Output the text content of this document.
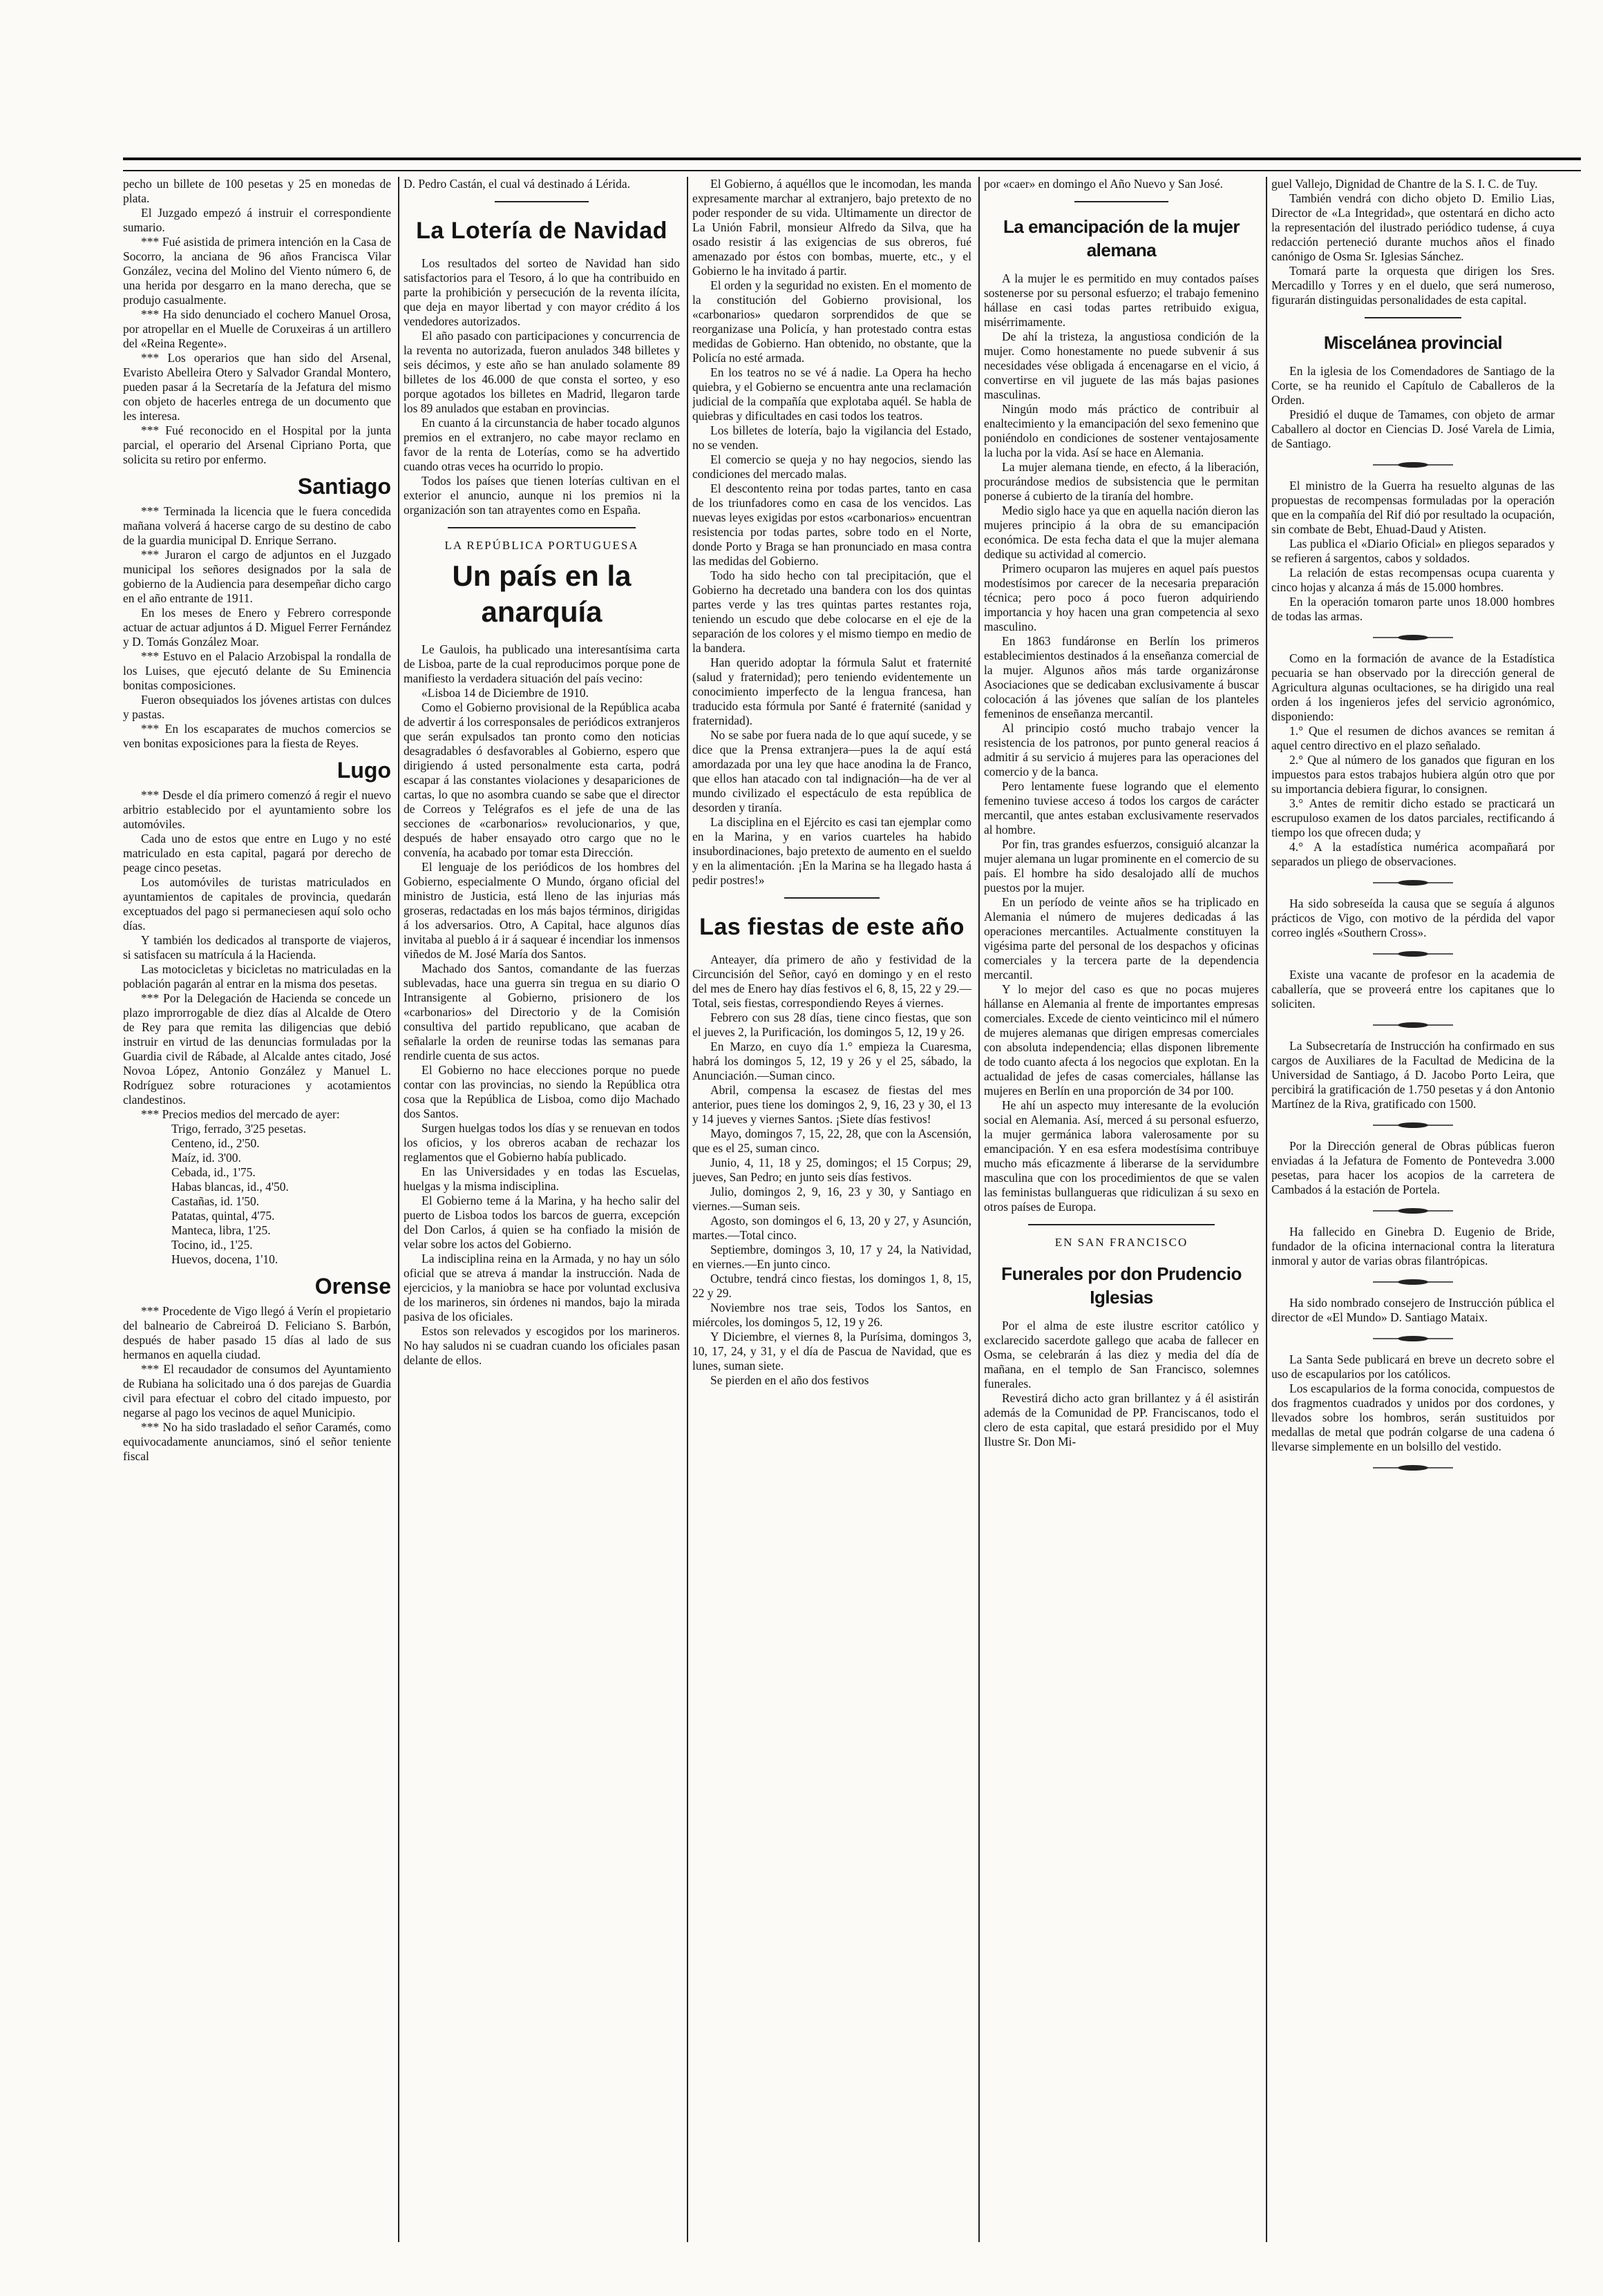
pecho un billete de 100 pesetas y 25 en monedas de plata.

El Juzgado empezó á instruir el correspondiente sumario.

*** Fué asistida de primera intención en la Casa de Socorro, la anciana de 96 años Francisca Vilar González, vecina del Molino del Viento número 6, de una herida por desgarro en la mano derecha, que se produjo casualmente.

*** Ha sido denunciado el cochero Manuel Orosa, por atropellar en el Muelle de Coruxeiras á un artillero del «Reina Regente».

*** Los operarios que han sido del Arsenal, Evaristo Abelleira Otero y Salvador Grandal Montero, pueden pasar á la Secretaría de la Jefatura del mismo con objeto de hacerles entrega de un documento que les interesa.

*** Fué reconocido en el Hospital por la junta parcial, el operario del Arsenal Cipriano Porta, que solicita su retiro por enfermo.

Santiago

*** Terminada la licencia que le fuera concedida mañana volverá á hacerse cargo de su destino de cabo de la guardia municipal D. Enrique Serrano.

*** Juraron el cargo de adjuntos en el Juzgado municipal los señores designados por la sala de gobierno de la Audiencia para desempeñar dicho cargo en el año entrante de 1911.

En los meses de Enero y Febrero corresponde actuar de actuar adjuntos á D. Miguel Ferrer Fernández y D. Tomás González Moar.

*** Estuvo en el Palacio Arzobispal la rondalla de los Luises, que ejecutó delante de Su Eminencia bonitas composiciones.

Fueron obsequiados los jóvenes artistas con dulces y pastas.

*** En los escaparates de muchos comercios se ven bonitas exposiciones para la fiesta de Reyes.

Lugo

*** Desde el día primero comenzó á regir el nuevo arbitrio establecido por el ayuntamiento sobre los automóviles.

Cada uno de estos que entre en Lugo y no esté matriculado en esta capital, pagará por derecho de peage cinco pesetas.

Los automóviles de turistas matriculados en ayuntamientos de capitales de provincia, quedarán exceptuados del pago si permaneciesen aquí solo ocho días.

Y también los dedicados al transporte de viajeros, si satisfacen su matrícula á la Hacienda.

Las motocicletas y bicicletas no matriculadas en la población pagarán al entrar en la misma dos pesetas.

*** Por la Delegación de Hacienda se concede un plazo improrrogable de diez días al Alcalde de Otero de Rey para que remita las diligencias que debió instruir en virtud de las denuncias formuladas por la Guardia civil de Rábade, al Alcalde antes citado, José Novoa López, Antonio González y Manuel L. Rodríguez sobre roturaciones y acotamientos clandestinos.

*** Precios medios del mercado de ayer:

Trigo, ferrado, 3'25 pesetas.

Centeno, id., 2'50.

Maíz, id. 3'00.

Cebada, id., 1'75.

Habas blancas, id., 4'50.

Castañas, id. 1'50.

Patatas, quintal, 4'75.

Manteca, libra, 1'25.

Tocino, id., 1'25.

Huevos, docena, 1'10.

Orense

*** Procedente de Vigo llegó á Verín el propietario del balneario de Cabreiroá D. Feliciano S. Barbón, después de haber pasado 15 días al lado de sus hermanos en aquella ciudad.

*** El recaudador de consumos del Ayuntamiento de Rubiana ha solicitado una ó dos parejas de Guardia civil para efectuar el cobro del citado impuesto, por negarse al pago los vecinos de aquel Municipio.

*** No ha sido trasladado el señor Caramés, como equivocadamente anunciamos, sinó el señor teniente fiscal

D. Pedro Castán, el cual vá destinado á Lérida.

La Lotería de Navidad

Los resultados del sorteo de Navidad han sido satisfactorios para el Tesoro, á lo que ha contribuido en parte la prohibición y persecución de la reventa ilícita, que deja en mayor libertad y con mayor crédito á los vendedores autorizados.

El año pasado con participaciones y concurrencia de la reventa no autorizada, fueron anulados 348 billetes y seis décimos, y este año se han anulado solamente 89 billetes de los 46.000 de que consta el sorteo, y eso porque agotados los billetes en Madrid, llegaron tarde los 89 anulados que estaban en provincias.

En cuanto á la circunstancia de haber tocado algunos premios en el extranjero, no cabe mayor reclamo en favor de la renta de Loterías, como se ha advertido cuando otras veces ha ocurrido lo propio.

Todos los países que tienen loterías cultivan en el exterior el anuncio, aunque ni los premios ni la organización son tan atrayentes como en España.

LA REPÚBLICA PORTUGUESA
Un país en la anarquía

Le Gaulois, ha publicado una interesantísima carta de Lisboa, parte de la cual reproducimos porque pone de manifiesto la verdadera situación del país vecino:

«Lisboa 14 de Diciembre de 1910.

Como el Gobierno provisional de la República acaba de advertir á los corresponsales de periódicos extranjeros que serán expulsados tan pronto como den noticias desagradables ó desfavorables al Gobierno, espero que dirigiendo á usted personalmente esta carta, podrá escapar á las constantes violaciones y desapariciones de cartas, lo que no asombra cuando se sabe que el director de Correos y Telégrafos es el jefe de una de las secciones de «carbonarios» revolucionarios, y que, después de haber ensayado otro cargo que no le convenía, ha acabado por tomar esta Dirección.

El lenguaje de los periódicos de los hombres del Gobierno, especialmente O Mundo, órgano oficial del ministro de Justicia, está lleno de las injurias más groseras, redactadas en los más bajos términos, dirigidas á los adversarios. Otro, A Capital, hace algunos días invitaba al pueblo á ir á saquear é incendiar los inmensos viñedos de M. José María dos Santos.

Machado dos Santos, comandante de las fuerzas sublevadas, hace una guerra sin tregua en su diario O Intransigente al Gobierno, prisionero de los «carbonarios» del Directorio y de la Comisión consultiva del partido republicano, que acaban de señalarle la orden de reunirse todas las semanas para rendirle cuenta de sus actos.

El Gobierno no hace elecciones porque no puede contar con las provincias, no siendo la República otra cosa que la República de Lisboa, como dijo Machado dos Santos.

Surgen huelgas todos los días y se renuevan en todos los oficios, y los obreros acaban de rechazar los reglamentos que el Gobierno había publicado.

En las Universidades y en todas las Escuelas, huelgas y la misma indisciplina.

El Gobierno teme á la Marina, y ha hecho salir del puerto de Lisboa todos los barcos de guerra, excepción del Don Carlos, á quien se ha confiado la misión de velar sobre los actos del Gobierno.

La indisciplina reina en la Armada, y no hay un sólo oficial que se atreva á mandar la instrucción. Nada de ejercicios, y la maniobra se hace por voluntad exclusiva de los marineros, sin órdenes ni mandos, bajo la mirada pasiva de los oficiales.

Estos son relevados y escogidos por los marineros. No hay saludos ni se cuadran cuando los oficiales pasan delante de ellos.

El Gobierno, á aquéllos que le incomodan, les manda expresamente marchar al extranjero, bajo pretexto de no poder responder de su vida. Ultimamente un director de La Unión Fabril, monsieur Alfredo da Silva, que ha osado resistir á las exigencias de sus obreros, fué amenazado por éstos con bombas, muerte, etc., y el Gobierno le ha invitado á partir.

El orden y la seguridad no existen. En el momento de la constitución del Gobierno provisional, los «carbonarios» quedaron sorprendidos de que se reorganizase una Policía, y han protestado contra estas medidas de Gobierno. Han obtenido, no obstante, que la Policía no esté armada.

En los teatros no se vé á nadie. La Opera ha hecho quiebra, y el Gobierno se encuentra ante una reclamación judicial de la compañía que explotaba aquél. Se habla de quiebras y dificultades en casi todos los teatros.

Los billetes de lotería, bajo la vigilancia del Estado, no se venden.

El comercio se queja y no hay negocios, siendo las condiciones del mercado malas.

El descontento reina por todas partes, tanto en casa de los triunfadores como en casa de los vencidos. Las nuevas leyes exigidas por estos «carbonarios» encuentran resistencia por todas partes, sobre todo en el Norte, donde Porto y Braga se han pronunciado en masa contra las medidas del Gobierno.

Todo ha sido hecho con tal precipitación, que el Gobierno ha decretado una bandera con los dos quintas partes verde y las tres quintas partes restantes roja, teniendo un escudo que debe colocarse en el eje de la separación de los colores y el mismo tiempo en medio de la bandera.

Han querido adoptar la fórmula Salut et fraternité (salud y fraternidad); pero teniendo evidentemente un conocimiento imperfecto de la lengua francesa, han traducido esta fórmula por Santé é fraternité (sanidad y fraternidad).

No se sabe por fuera nada de lo que aquí sucede, y se dice que la Prensa extranjera—pues la de aquí está amordazada por una ley que hace anodina la de Franco, que ellos han atacado con tal indignación—ha de ver al mundo civilizado el espectáculo de esta república de desorden y tiranía.

La disciplina en el Ejército es casi tan ejemplar como en la Marina, y en varios cuarteles ha habido insubordinaciones, bajo pretexto de aumento en el sueldo y en la alimentación. ¡En la Marina se ha llegado hasta á pedir postres!»

Las fiestas de este año

Anteayer, día primero de año y festividad de la Circuncisión del Señor, cayó en domingo y en el resto del mes de Enero hay días festivos el 6, 8, 15, 22 y 29.—Total, seis fiestas, correspondiendo Reyes á viernes.

Febrero con sus 28 días, tiene cinco fiestas, que son el jueves 2, la Purificación, los domingos 5, 12, 19 y 26.

En Marzo, en cuyo día 1.° empieza la Cuaresma, habrá los domingos 5, 12, 19 y 26 y el 25, sábado, la Anunciación.—Suman cinco.

Abril, compensa la escasez de fiestas del mes anterior, pues tiene los domingos 2, 9, 16, 23 y 30, el 13 y 14 jueves y viernes Santos. ¡Siete días festivos!

Mayo, domingos 7, 15, 22, 28, que con la Ascensión, que es el 25, suman cinco.

Junio, 4, 11, 18 y 25, domingos; el 15 Corpus; 29, jueves, San Pedro; en junto seis días festivos.

Julio, domingos 2, 9, 16, 23 y 30, y Santiago en viernes.—Suman seis.

Agosto, son domingos el 6, 13, 20 y 27, y Asunción, martes.—Total cinco.

Septiembre, domingos 3, 10, 17 y 24, la Natividad, en viernes.—En junto cinco.

Octubre, tendrá cinco fiestas, los domingos 1, 8, 15, 22 y 29.

Noviembre nos trae seis, Todos los Santos, en miércoles, los domingos 5, 12, 19 y 26.

Y Diciembre, el viernes 8, la Purísima, domingos 3, 10, 17, 24, y 31, y el día de Pascua de Navidad, que es lunes, suman siete.

Se pierden en el año dos festivos

por «caer» en domingo el Año Nuevo y San José.

La emancipación de la mujer alemana

A la mujer le es permitido en muy contados países sostenerse por su personal esfuerzo; el trabajo femenino hállase en casi todas partes retribuido exigua, misérrimamente.

De ahí la tristeza, la angustiosa condición de la mujer. Como honestamente no puede subvenir á sus necesidades vése obligada á encenagarse en el vicio, á convertirse en vil juguete de las más bajas pasiones masculinas.

Ningún modo más práctico de contribuir al enaltecimiento y la emancipación del sexo femenino que poniéndolo en condiciones de sostener ventajosamente la lucha por la vida. Así se hace en Alemania.

La mujer alemana tiende, en efecto, á la liberación, procurándose medios de subsistencia que le permitan ponerse á cubierto de la tiranía del hombre.

Medio siglo hace ya que en aquella nación dieron las mujeres principio á la obra de su emancipación económica. De esta fecha data el que la mujer alemana dedique su actividad al comercio.

Primero ocuparon las mujeres en aquel país puestos modestísimos por carecer de la necesaria preparación técnica; pero poco á poco fueron adquiriendo importancia y hoy hacen una gran competencia al sexo masculino.

En 1863 fundáronse en Berlín los primeros establecimientos destinados á la enseñanza comercial de la mujer. Algunos años más tarde organizáronse Asociaciones que se dedicaban exclusivamente á buscar colocación á las jóvenes que salían de los planteles femeninos de enseñanza mercantil.

Al principio costó mucho trabajo vencer la resistencia de los patronos, por punto general reacios á admitir á su servicio á mujeres para las operaciones del comercio y de la banca.

Pero lentamente fuese logrando que el elemento femenino tuviese acceso á todos los cargos de carácter mercantil, que antes estaban exclusivamente reservados al hombre.

Por fin, tras grandes esfuerzos, consiguió alcanzar la mujer alemana un lugar prominente en el comercio de su país. El hombre ha sido desalojado allí de muchos puestos por la mujer.

En un período de veinte años se ha triplicado en Alemania el número de mujeres dedicadas á las operaciones mercantiles. Actualmente constituyen la vigésima parte del personal de los despachos y oficinas comerciales y la tercera parte de la dependencia mercantil.

Y lo mejor del caso es que no pocas mujeres hállanse en Alemania al frente de importantes empresas comerciales. Excede de ciento veinticinco mil el número de mujeres alemanas que dirigen empresas comerciales con absoluta independencia; ellas disponen libremente de todo cuanto afecta á los negocios que explotan. En la actualidad de jefes de casas comerciales, hállanse las mujeres en Berlín en una proporción de 34 por 100.

He ahí un aspecto muy interesante de la evolución social en Alemania. Así, merced á su personal esfuerzo, la mujer germánica labora valerosamente por su emancipación. Y en esa esfera modestísima contribuye mucho más eficazmente á liberarse de la servidumbre masculina que con los procedimientos de que se valen las feministas bullangueras que ridiculizan á su sexo en otros países de Europa.

EN SAN FRANCISCO
Funerales por don Prudencio Iglesias

Por el alma de este ilustre escritor católico y exclarecido sacerdote gallego que acaba de fallecer en Osma, se celebrarán á las diez y media del día de mañana, en el templo de San Francisco, solemnes funerales.

Revestirá dicho acto gran brillantez y á él asistirán además de la Comunidad de PP. Franciscanos, todo el clero de esta capital, que estará presidido por el Muy Ilustre Sr. Don Mi-

guel Vallejo, Dignidad de Chantre de la S. I. C. de Tuy.

También vendrá con dicho objeto D. Emilio Lias, Director de «La Integridad», que ostentará en dicho acto la representación del ilustrado periódico tudense, á cuya redacción perteneció durante muchos años el finado canónigo de Osma Sr. Iglesias Sánchez.

Tomará parte la orquesta que dirigen los Sres. Mercadillo y Torres y en el duelo, que será numeroso, figurarán distinguidas personalidades de esta capital.

Miscelánea provincial

En la iglesia de los Comendadores de Santiago de la Corte, se ha reunido el Capítulo de Caballeros de la Orden.

Presidió el duque de Tamames, con objeto de armar Caballero al doctor en Ciencias D. José Varela de Limia, de Santiago.

El ministro de la Guerra ha resuelto algunas de las propuestas de recompensas formuladas por la operación que en la compañía del Rif dió por resultado la ocupación, sin combate de Bebt, Ehuad-Daud y Atisten.

Las publica el «Diario Oficial» en pliegos separados y se refieren á sargentos, cabos y soldados.

La relación de estas recompensas ocupa cuarenta y cinco hojas y alcanza á más de 15.000 hombres.

En la operación tomaron parte unos 18.000 hombres de todas las armas.

Como en la formación de avance de la Estadística pecuaria se han observado por la dirección general de Agricultura algunas ocultaciones, se ha dirigido una real orden á los ingenieros jefes del servicio agronómico, disponiendo:

1.° Que el resumen de dichos avances se remitan á aquel centro directivo en el plazo señalado.

2.° Que al número de los ganados que figuran en los impuestos para estos trabajos hubiera algún otro que por su importancia debiera figurar, lo consignen.

3.° Antes de remitir dicho estado se practicará un escrupuloso examen de los datos parciales, rectificando á tiempo los que ofrecen duda; y

4.° A la estadística numérica acompañará por separados un pliego de observaciones.

Ha sido sobreseída la causa que se seguía á algunos prácticos de Vigo, con motivo de la pérdida del vapor correo inglés «Southern Cross».

Existe una vacante de profesor en la academia de caballería, que se proveerá entre los capitanes que lo soliciten.

La Subsecretaría de Instrucción ha confirmado en sus cargos de Auxiliares de la Facultad de Medicina de la Universidad de Santiago, á D. Jacobo Porto Leira, que percibirá la gratificación de 1.750 pesetas y á don Antonio Martínez de la Riva, gratificado con 1500.

Por la Dirección general de Obras públicas fueron enviadas á la Jefatura de Fomento de Pontevedra 3.000 pesetas, para hacer los acopios de la carretera de Cambados á la estación de Portela.

Ha fallecido en Ginebra D. Eugenio de Bride, fundador de la oficina internacional contra la literatura inmoral y autor de varias obras filantrópicas.

Ha sido nombrado consejero de Instrucción pública el director de «El Mundo» D. Santiago Mataix.

La Santa Sede publicará en breve un decreto sobre el uso de escapularios por los católicos.

Los escapularios de la forma conocida, compuestos de dos fragmentos cuadrados y unidos por dos cordones, y llevados sobre los hombros, serán sustituidos por medallas de metal que podrán colgarse de una cadena ó llevarse simplemente en un bolsillo del vestido.
